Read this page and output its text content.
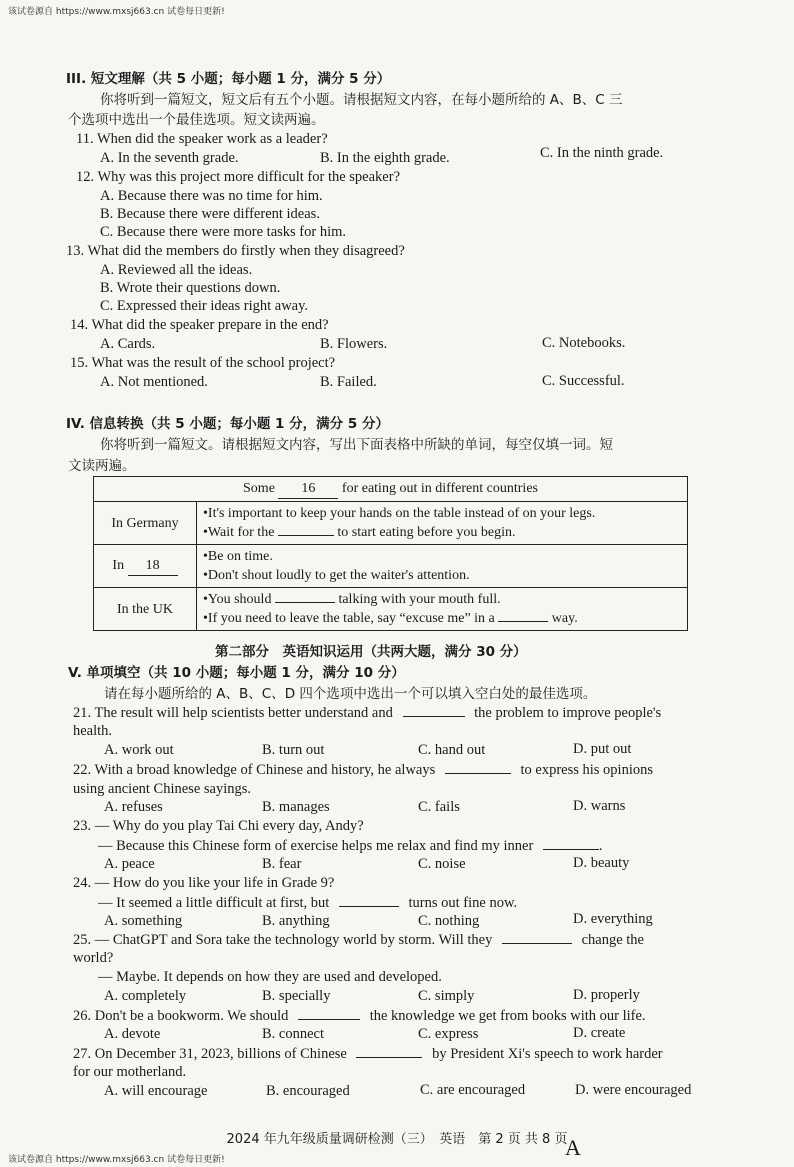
该试卷源自 https://www.mxsj663.cn 试卷每日更新!
III. 短文理解（共 5 小题；每小题 1 分，满分 5 分）
你将听到一篇短文，短文后有五个小题。请根据短文内容，在每小题所给的 A、B、C 三
个选项中选出一个最佳选项。短文读两遍。
11. When did the speaker work as a leader?
A. In the seventh grade.	B. In the eighth grade.	C. In the ninth grade.
12. Why was this project more difficult for the speaker?
A. Because there was no time for him.
B. Because there were different ideas.
C. Because there were more tasks for him.
13. What did the members do firstly when they disagreed?
A. Reviewed all the ideas.
B. Wrote their questions down.
C. Expressed their ideas right away.
14. What did the speaker prepare in the end?
A. Cards.	B. Flowers.	C. Notebooks.
15. What was the result of the school project?
A. Not mentioned.	B. Failed.	C. Successful.
IV. 信息转换（共 5 小题；每小题 1 分，满分 5 分）
你将听到一篇短文。请根据短文内容，写出下面表格中所缺的单词，每空仅填一词。短
文读两遍。
Some 16 for eating out in different countries	
In Germany	•It's important to keep your hands on the table instead of on your legs.
•Wait for the to start eating before you begin.

In 18	•Be on time.
•Don't shout loudly to get the waiter's attention.

In the UK	•You should talking with your mouth full.
•If you need to leave the table, say “excuse me” in a way.
第二部分　英语知识运用（共两大题，满分 30 分）
V. 单项填空（共 10 小题；每小题 1 分，满分 10 分）
请在每小题所给的 A、B、C、D 四个选项中选出一个可以填入空白处的最佳选项。
21. The result will help scientists better understand and	the problem to improve people's
health.
A. work out	B. turn out	C. hand out	D. put out
22. With a broad knowledge of Chinese and history, he always	to express his opinions
using ancient Chinese sayings.
A. refuses	B. manages	C. fails	D. warns
23. — Why do you play Tai Chi every day, Andy?
— Because this Chinese form of exercise helps me relax and find my inner	.
A. peace	B. fear	C. noise	D. beauty
24. — How do you like your life in Grade 9?
— It seemed a little difficult at first, but	turns out fine now.
A. something	B. anything	C. nothing	D. everything
25. — ChatGPT and Sora take the technology world by storm. Will they	change the
world?
— Maybe. It depends on how they are used and developed.
A. completely	B. specially	C. simply	D. properly
26. Don't be a bookworm. We should	the knowledge we get from books with our life.
A. devote	B. connect	C. express	D. create
27. On December 31, 2023, billions of Chinese	by President Xi's speech to work harder
for our motherland.
A. will encourage	B. encouraged	C. are encouraged	D. were encouraged
2024 年九年级质量调研检测（三）　英语　第 2 页 共 8 页
A
该试卷源自 https://www.mxsj663.cn 试卷每日更新!
